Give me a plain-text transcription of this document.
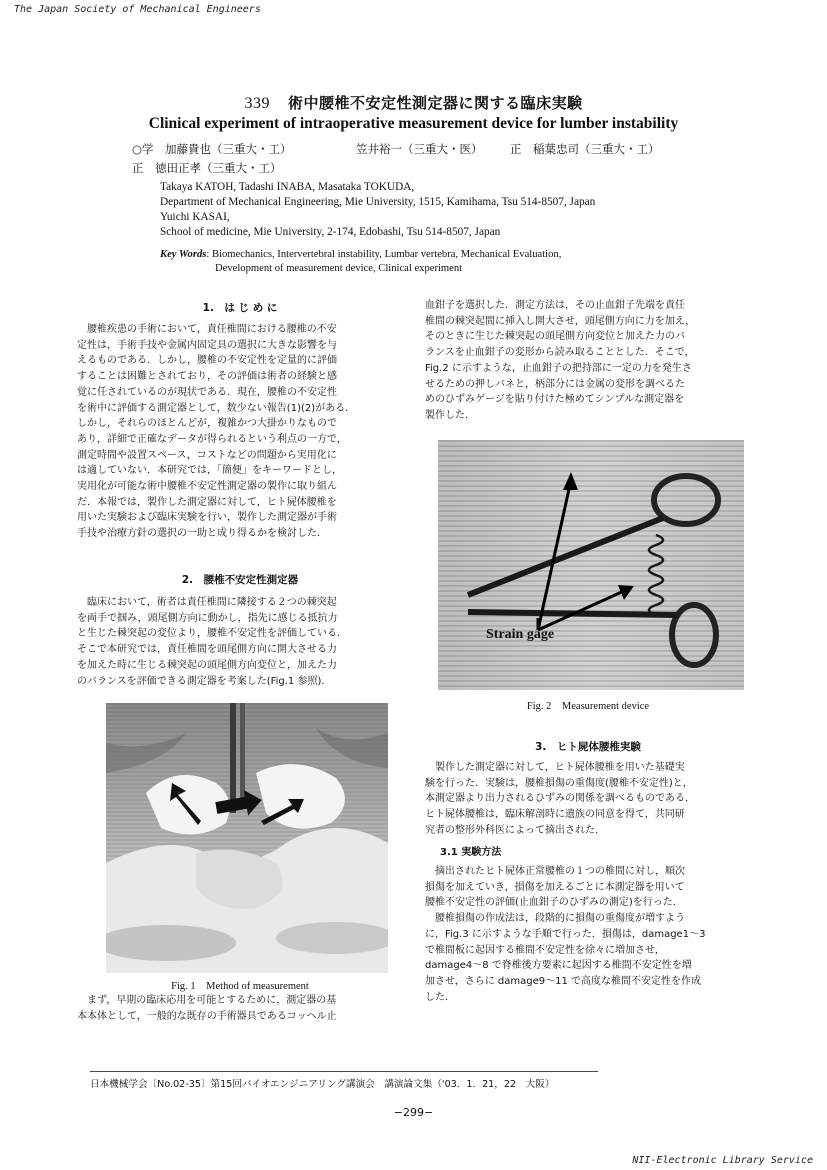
The Japan Society of Mechanical Engineers
339 術中腰椎不安定性測定器に関する臨床実験
Clinical experiment of intraoperative measurement device for lumber instability
○学　加藤貴也（三重大・工）	笠井裕一（三重大・医） 正　稲葉忠司（三重大・工）
正　徳田正孝（三重大・工）
Takaya KATOH, Tadashi INABA, Masataka TOKUDA,
Department of Mechanical Engineering, Mie University, 1515, Kamihama, Tsu 514-8507, Japan
Yuichi KASAI,
School of medicine, Mie University, 2-174, Edobashi, Tsu 514-8507, Japan
Key Words: Biomechanics, Intervertebral instability, Lumbar vertebra, Mechanical Evaluation,
Development of measurement device, Clinical experiment
1.　は じ め に

腰椎疾患の手術において，責任椎間における腰椎の不安

定性は，手術手技や金属内固定具の選択に大きな影響を与

えるものである．しかし，腰椎の不安定性を定量的に評価

することは困難とされており，その評価は術者の経験と感

覚に任されているのが現状である．現在，腰椎の不安定性

を術中に評価する測定器として，数少ない報告(1)(2)がある．

しかし，それらのほとんどが，複雑かつ大掛かりなもので

あり，詳細で正確なデータが得られるという利点の一方で，

測定時間や設置スペース，コストなどの問題から実用化に

は適していない．本研究では，「簡便」をキーワードとし，

実用化が可能な術中腰椎不安定性測定器の製作に取り組ん

だ．本報では，製作した測定器に対して，ヒト屍体腰椎を

用いた実験および臨床実験を行い，製作した測定器が手術

手技や治療方針の選択の一助と成り得るかを検討した．

2.　腰椎不安定性測定器

臨床において，術者は責任椎間に隣接する２つの棘突起

を両手で掴み，頭尾側方向に動かし，指先に感じる抵抗力

と生じた棘突起の変位より，腰椎不安定性を評価している．

そこで本研究では，責任椎間を頭尾側方向に開大させる力

を加えた時に生じる棘突起の頭尾側方向変位と，加えた力

のバランスを評価できる測定器を考案した(Fig.1 参照).

Fig. 1　Method of measurement

まず，早期の臨床応用を可能とするために，測定器の基

本本体として，一般的な既存の手術器具であるコッヘル止

血鉗子を選択した．測定方法は，その止血鉗子先端を責任

椎間の棘突起間に挿入し開大させ，頭尾側方向に力を加え，

そのときに生じた棘突起の頭尾側方向変位と加えた力のバ

ランスを止血鉗子の変形から読み取ることとした．そこで，

Fig.2 に示すような，止血鉗子の把持部に一定の力を発生さ

せるための押しバネと，柄部分には金属の変形を調べるた

めのひずみゲージを貼り付けた極めてシンプルな測定器を

製作した．

Strain gage
Fig. 2　Measurement device
3.　ヒト屍体腰椎実験

製作した測定器に対して，ヒト屍体腰椎を用いた基礎実

験を行った．実験は，腰椎損傷の重傷度(腰椎不安定性)と，

本測定器より出力されるひずみの関係を調べるものである．

ヒト屍体腰椎は，臨床解剖時に遺族の同意を得て，共同研

究者の整形外科医によって摘出された．

3.1 実験方法

摘出されたヒト屍体正常腰椎の１つの椎間に対し，順次

損傷を加えていき，損傷を加えるごとに本測定器を用いて

腰椎不安定性の評価(止血鉗子のひずみの測定)を行った．

腰椎損傷の作成法は，段階的に損傷の重傷度が増すよう

に，Fig.3 に示すような手順で行った．損傷は，damage1〜3

で椎間板に起因する椎間不安定性を徐々に増加させ，

damage4〜8 で脊椎後方要素に起因する椎間不安定性を増

加させ，さらに damage9〜11 で高度な椎間不安定性を作成

した．

日本機械学会〔No.02-35〕第15回バイオエンジニアリング講演会　講演論文集（'03．1．21，22　大阪）
−299−
NII-Electronic Library Service
